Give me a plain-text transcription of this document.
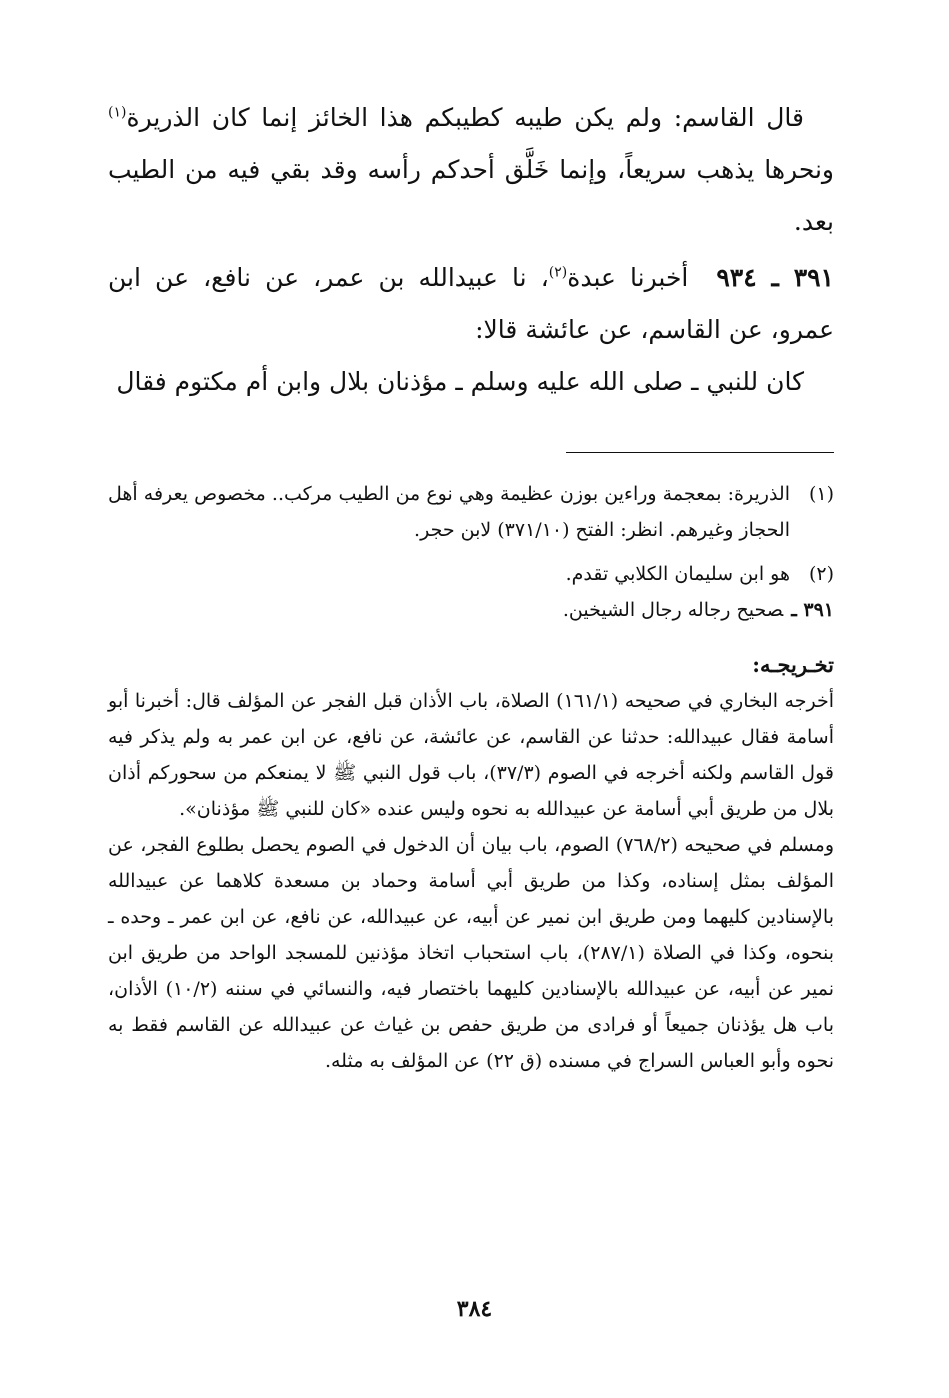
قال القاسم: ولم يكن طيبه كطيبكم هذا الخائز إنما كان الذريرة$^{(١)}$ ونحرها يذهب سريعاً، وإنما خَلَّق أحدكم رأسه وقد بقي فيه من الطيب بعد.

٣٩١ ـ ٩٣٤أخبرنا عبدة$^{(٢)}$، نا عبيدالله بن عمر، عن نافع، عن ابن عمرو، عن القاسم، عن عائشة قالا:

كان للنبي ـ صلى الله عليه وسلم ـ مؤذنان بلال وابن أم مكتوم فقال

(١)
الذريرة: بمعجمة وراءين بوزن عظيمة وهي نوع من الطيب مركب.. مخصوص يعرفه أهل الحجاز وغيرهم. انظر: الفتح (٣٧١/١٠) لابن حجر.
(٢)
هو ابن سليمان الكلابي تقدم.

٣٩١ ـصحيح رجاله رجال الشيخين.

تخـريجـه:

أخرجه البخاري في صحيحه (١٦١/١) الصلاة، باب الأذان قبل الفجر عن المؤلف قال: أخبرنا أبو أسامة فقال عبيدالله: حدثنا عن القاسم، عن عائشة، عن نافع، عن ابن عمر به ولم يذكر فيه قول القاسم ولكنه أخرجه في الصوم (٣٧/٣)، باب قول النبي ﷺ لا يمنعكم من سحوركم أذان بلال من طريق أبي أسامة عن عبيدالله به نحوه وليس عنده «كان للنبي ﷺ مؤذنان».

ومسلم في صحيحه (٧٦٨/٢) الصوم، باب بيان أن الدخول في الصوم يحصل بطلوع الفجر، عن المؤلف بمثل إسناده، وكذا من طريق أبي أسامة وحماد بن مسعدة كلاهما عن عبيدالله بالإسنادين كليهما ومن طريق ابن نمير عن أبيه، عن عبيدالله، عن نافع، عن ابن عمر ـ وحده ـ بنحوه، وكذا في الصلاة (٢٨٧/١)، باب استحباب اتخاذ مؤذنين للمسجد الواحد من طريق ابن نمير عن أبيه، عن عبيدالله بالإسنادين كليهما باختصار فيه، والنسائي في سننه (١٠/٢) الأذان، باب هل يؤذنان جميعاً أو فرادى من طريق حفص بن غياث عن عبيدالله عن القاسم فقط به نحوه وأبو العباس السراج في مسنده (ق ٢٢) عن المؤلف به مثله.

٣٨٤
